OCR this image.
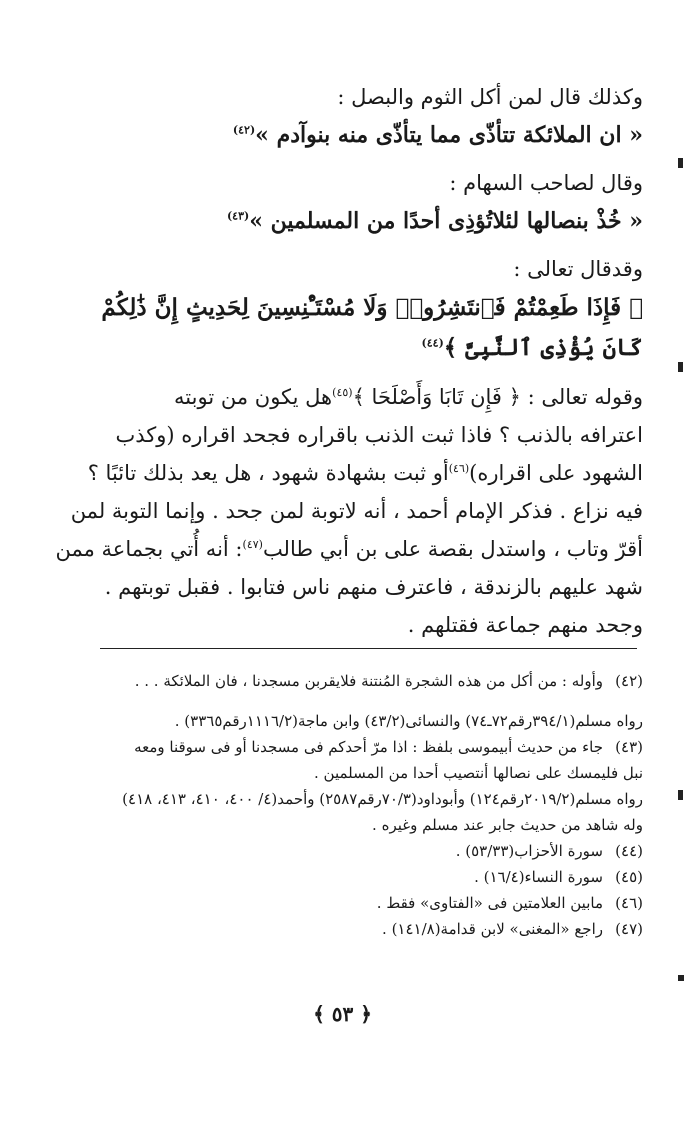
وكذلك قال لمن أكل الثوم والبصل :
« ان الملائكة تتأذّى مما يتأذّى منه بنوآدم »$^{(٤٢)}$
وقال لصاحب السهام :
« خُذْ بنصالها لئلاتُؤذِى أحدًا من المسلمين »$^{(٤٣)}$
وقدقال تعالى :
﴿ فَإِذَا طَعِمْتُمْ فَٱنتَشِرُوا۟ وَلَا مُسْتَـْٔنِسِينَ لِحَدِيثٍ إِنَّ ذَٰلِكُمْ
كَانَ يُؤْذِى ٱلنَّبِىَّ ﴾$^{(٤٤)}$
وقوله تعالى : ﴿ فَإِن تَابَا وَأَصْلَحَا ﴾$^{(٤٥)}$هل يكون من توبته
اعترافه بالذنب ؟ فاذا ثبت الذنب باقراره فجحد اقراره (وكذب
الشهود على اقراره)$^{(٤٦)}$أو ثبت بشهادة شهود ، هل يعد بذلك تائبًا ؟
فيه نزاع . فذكر الإمام أحمد ، أنه لاتوبة لمن جحد . وإنما التوبة لمن
أقرّ وتاب ، واستدل بقصة على بن أبي طالب$^{(٤٧)}$: أنه أُتي بجماعة ممن
شهد عليهم بالزندقة ، فاعترف منهم ناس فتابوا . فقبل توبتهم .
وجحد منهم جماعة فقتلهم .
(٤٢)
وأوله : من أكل من هذه الشجرة المُنتنة فلايقربن مسجدنا ، فان الملائكة . . .
رواه مسلم(٣٩٤/١رقم٧٢ـ٧٤) والنسائى(٤٣/٢) وابن ماجة(١١١٦/٢رقم٣٣٦٥) .
(٤٣)
جاء من حديث أبيموسى بلفظ : اذا مرّ أحدكم فى مسجدنا أو فى سوقنا ومعه
نبل فليمسك على نصالها أنتصيب أحدا من المسلمين .
رواه مسلم(٢٠١٩/٢رقم١٢٤) وأبوداود(٧٠/٣رقم٢٥٨٧) وأحمد(٤/ ٤٠٠، ٤١٠، ٤١٣، ٤١٨)
وله شاهد من حديث جابر عند مسلم وغيره .
(٤٤)
سورة الأحزاب(٥٣/٣٣) .
(٤٥)
سورة النساء(١٦/٤) .
(٤٦)
مابين العلامتين فى «الفتاوى» فقط .
(٤٧)
راجع «المغنى» لابن قدامة(١٤١/٨) .
﴿ ٥٣ ﴾
